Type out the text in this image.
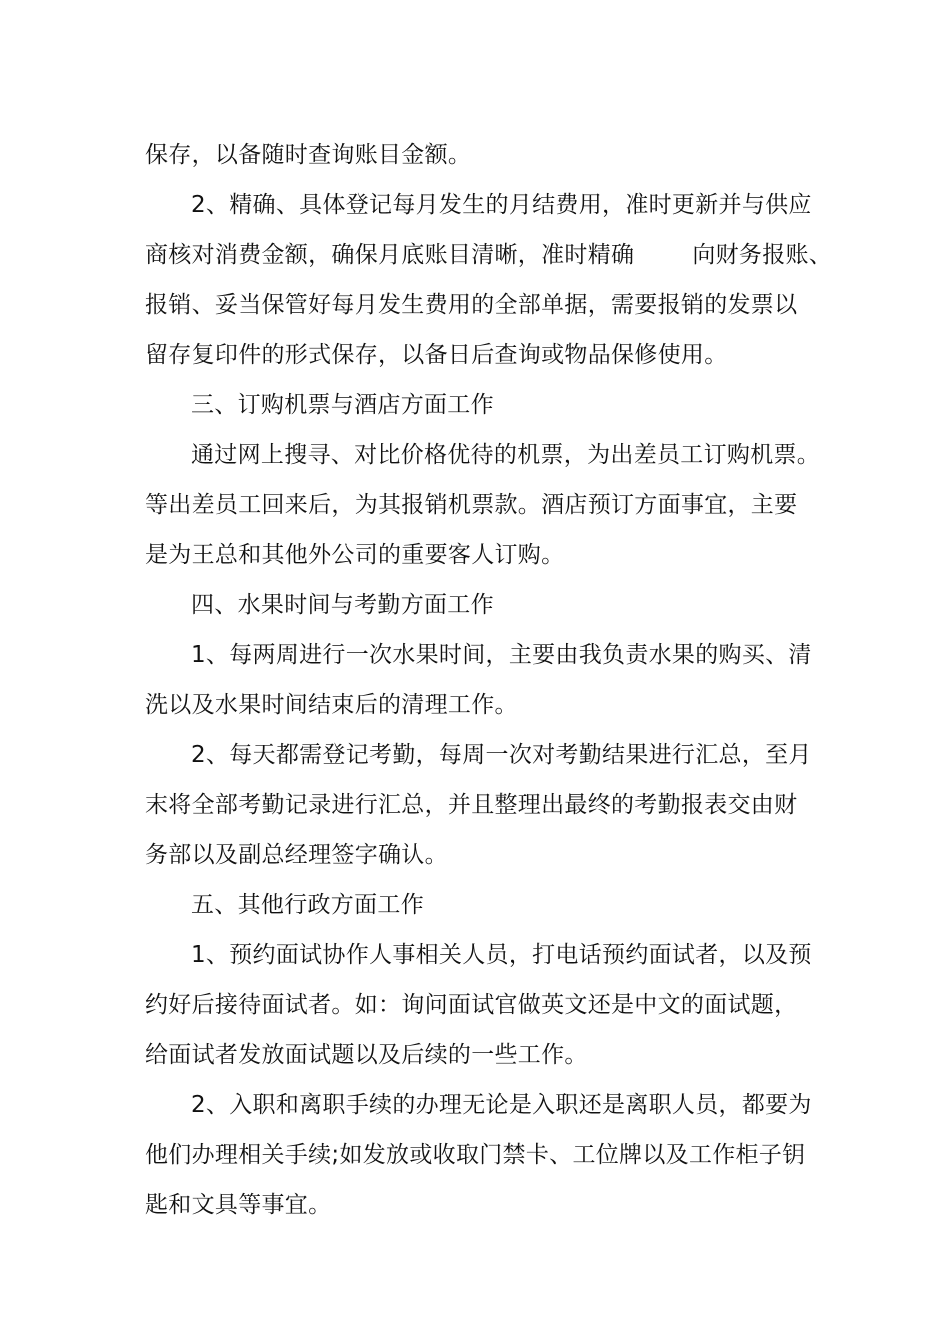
保存，以备随时查询账目金额。
2、精确、具体登记每月发生的月结费用，准时更新并与供应
商核对消费金额，确保月底账目清晰，准时精确	向财务报账、
报销、妥当保管好每月发生费用的全部单据，需要报销的发票以
留存复印件的形式保存，以备日后查询或物品保修使用。
三、订购机票与酒店方面工作
通过网上搜寻、对比价格优待的机票，为出差员工订购机票。
等出差员工回来后，为其报销机票款。酒店预订方面事宜，主要
是为王总和其他外公司的重要客人订购。
四、水果时间与考勤方面工作
1、每两周进行一次水果时间，主要由我负责水果的购买、清
洗以及水果时间结束后的清理工作。
2、每天都需登记考勤，每周一次对考勤结果进行汇总，至月
末将全部考勤记录进行汇总，并且整理出最终的考勤报表交由财
务部以及副总经理签字确认。
五、其他行政方面工作
1、预约面试协作人事相关人员，打电话预约面试者，以及预
约好后接待面试者。如：询问面试官做英文还是中文的面试题，
给面试者发放面试题以及后续的一些工作。
2、入职和离职手续的办理无论是入职还是离职人员，都要为
他们办理相关手续;如发放或收取门禁卡、工位牌以及工作柜子钥
匙和文具等事宜。
